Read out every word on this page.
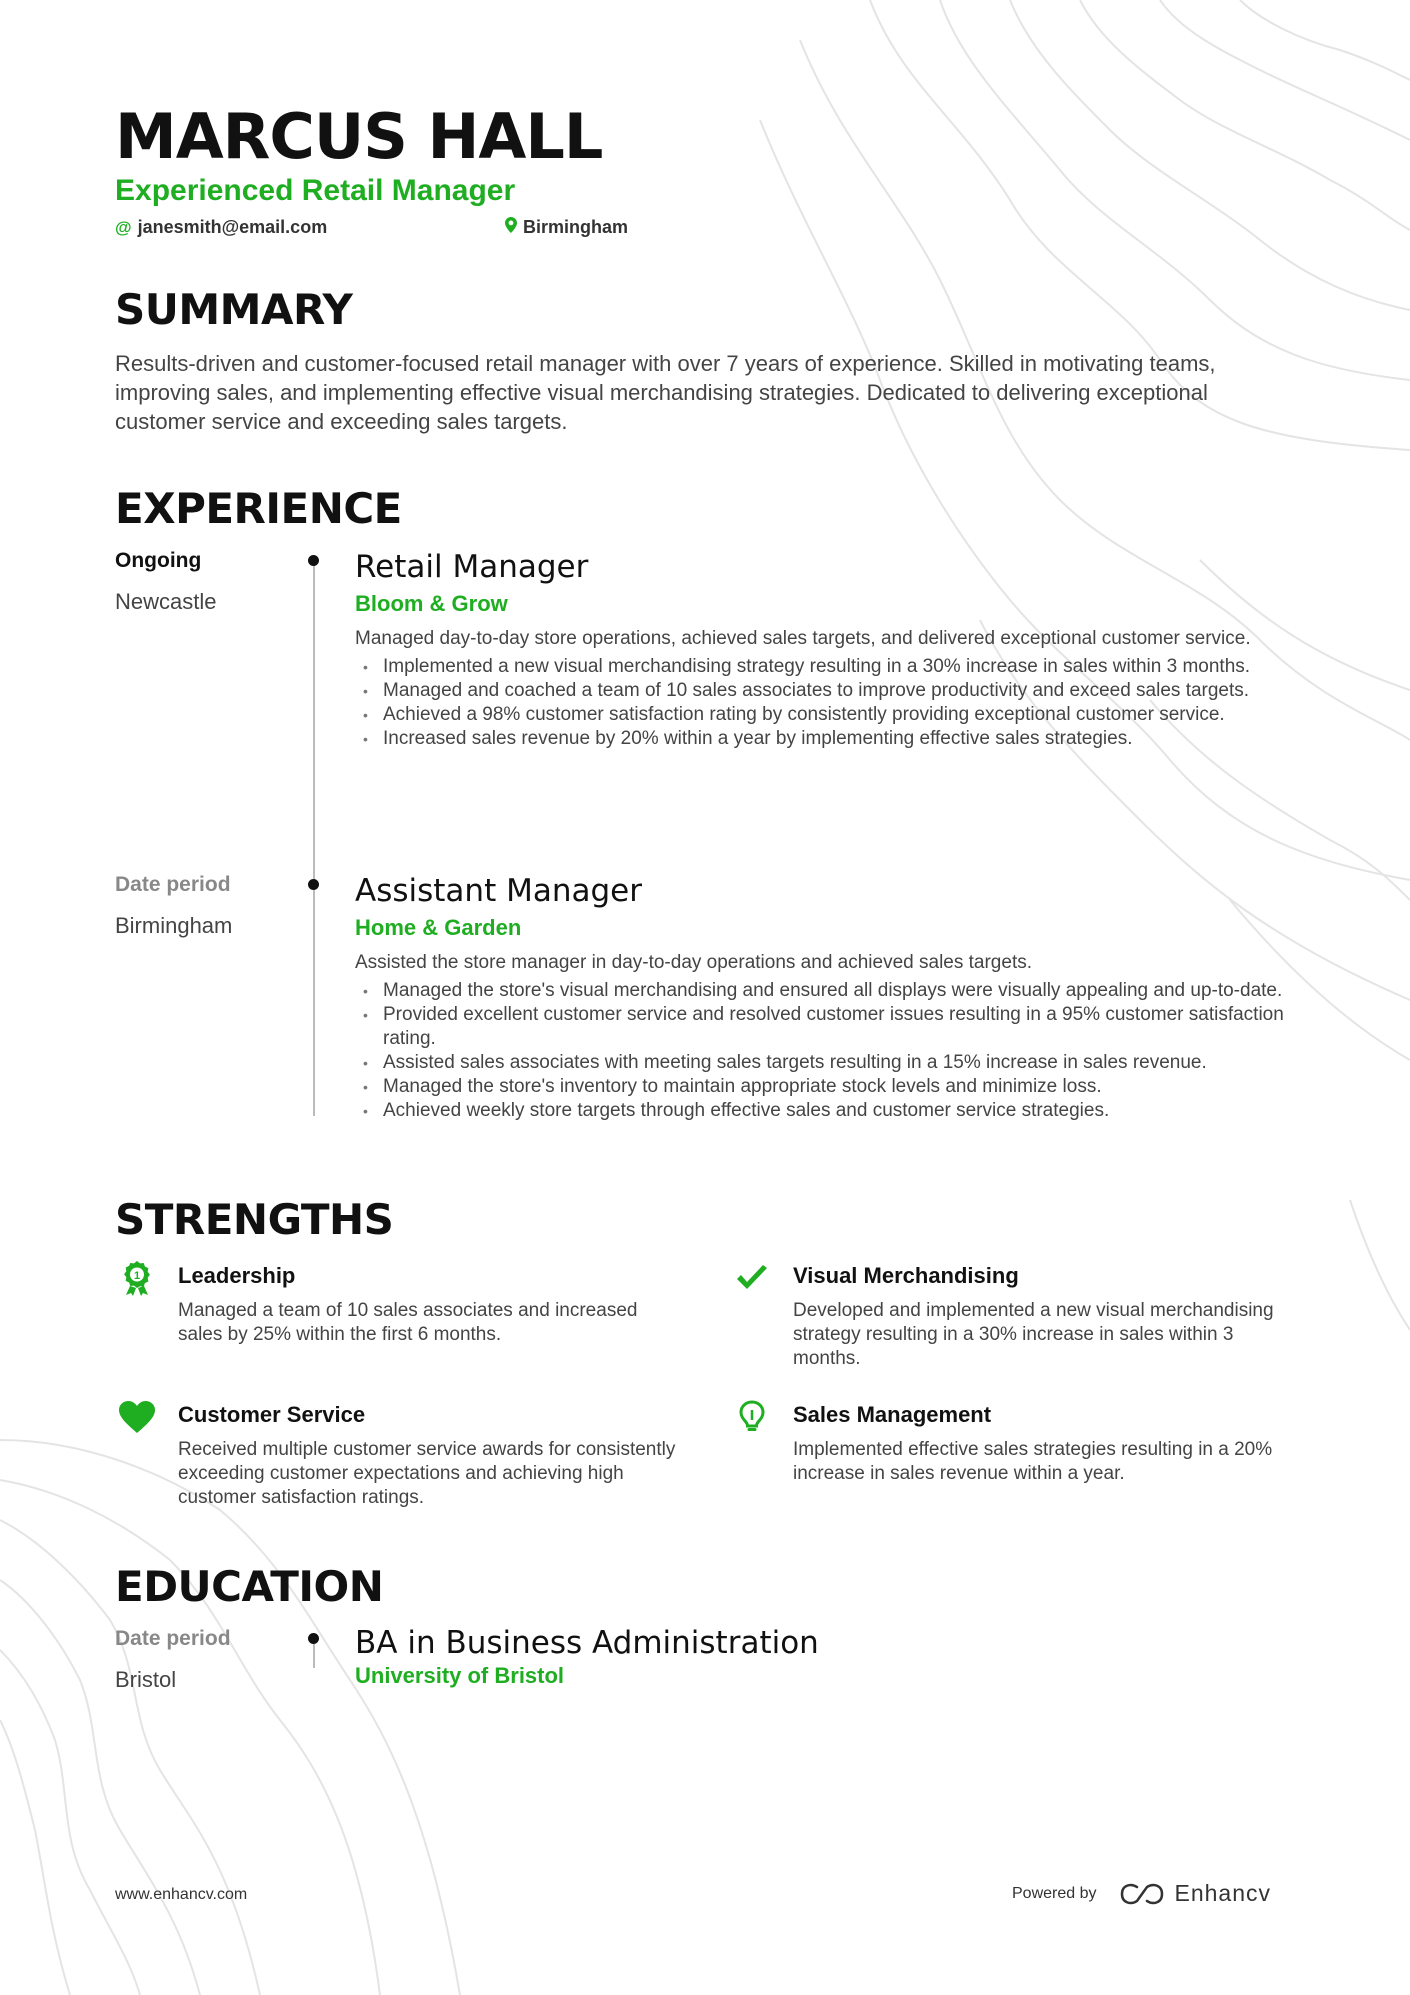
MARCUS HALL
Experienced Retail Manager
@ janesmith@email.com	Birmingham
SUMMARY
Results-driven and customer-focused retail manager with over 7 years of experience. Skilled in motivating teams, improving sales, and implementing effective visual merchandising strategies. Dedicated to delivering exceptional customer service and exceeding sales targets.
EXPERIENCE
Ongoing
Newcastle
Retail Manager
Bloom & Grow
Managed day-to-day store operations, achieved sales targets, and delivered exceptional customer service.
• Implemented a new visual merchandising strategy resulting in a 30% increase in sales within 3 months.
• Managed and coached a team of 10 sales associates to improve productivity and exceed sales targets.
• Achieved a 98% customer satisfaction rating by consistently providing exceptional customer service.
• Increased sales revenue by 20% within a year by implementing effective sales strategies.
Date period
Birmingham
Assistant Manager
Home & Garden
Assisted the store manager in day-to-day operations and achieved sales targets.
• Managed the store's visual merchandising and ensured all displays were visually appealing and up-to-date.
• Provided excellent customer service and resolved customer issues resulting in a 95% customer satisfaction rating.
• Assisted sales associates with meeting sales targets resulting in a 15% increase in sales revenue.
• Managed the store's inventory to maintain appropriate stock levels and minimize loss.
• Achieved weekly store targets through effective sales and customer service strategies.
STRENGTHS
1 Leadership
Managed a team of 10 sales associates and increased sales by 25% within the first 6 months.
Visual Merchandising
Developed and implemented a new visual merchandising strategy resulting in a 30% increase in sales within 3 months.
Customer Service
Received multiple customer service awards for consistently exceeding customer expectations and achieving high customer satisfaction ratings.
Sales Management
Implemented effective sales strategies resulting in a 20% increase in sales revenue within a year.
EDUCATION
Date period
Bristol
BA in Business Administration
University of Bristol
www.enhancv.com	Powered by	Enhancv
